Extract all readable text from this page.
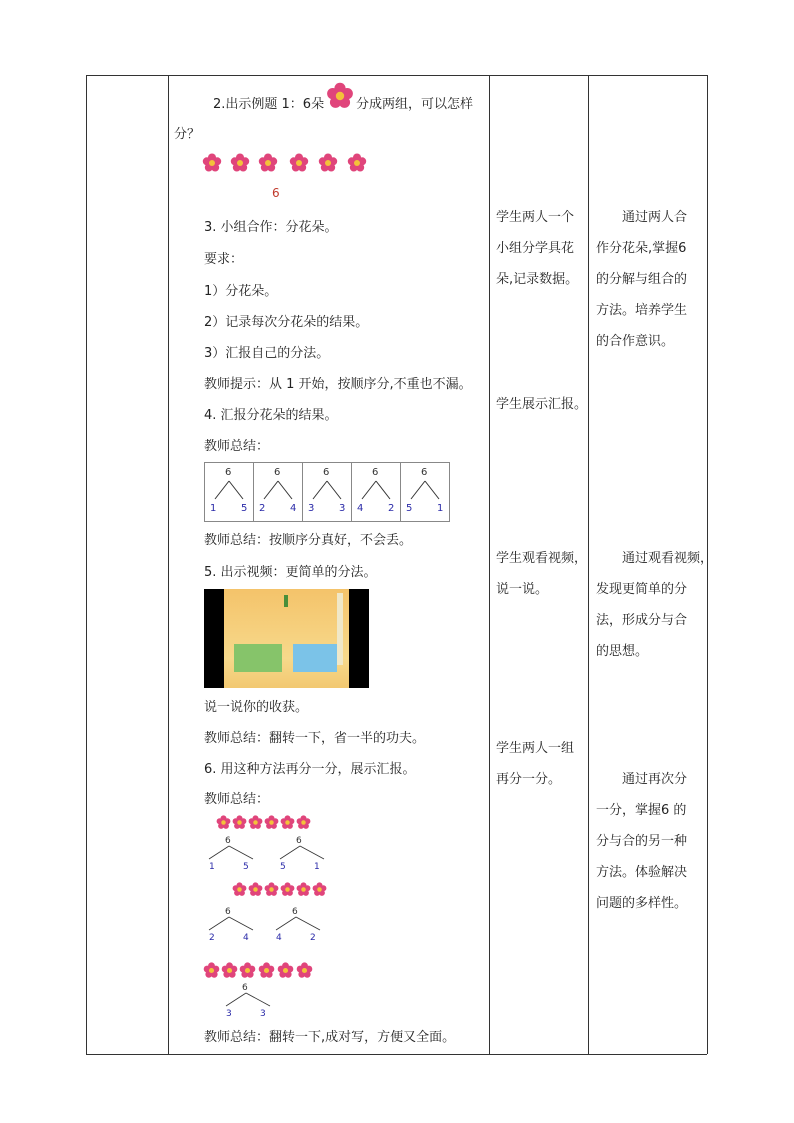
2.出示例题 1：6朵 分成两组，可以怎样
分？
6
3. 小组合作：分花朵。
要求：
1）分花朵。
2）记录每次分花朵的结果。
3）汇报自己的分法。
教师提示：从 1 开始，按顺序分,不重也不漏。
4. 汇报分花朵的结果。
教师总结：
6
1 5
6
2 4
6
3 3
6
4 2
6
5 1
教师总结：按顺序分真好，不会丢。
5. 出示视频：更简单的分法。
说一说你的收获。
教师总结：翻转一下，省一半的功夫。
6. 用这种方法再分一分，展示汇报。
教师总结：
教师总结：翻转一下,成对写，方便又全面。
6
1	5
6
5	1
6
2	4
6
4	2
6
3	3
学生两人一个
小组分学具花
朵,记录数据。
学生展示汇报。
学生观看视频，
说一说。
学生两人一组
再分一分。
通过两人合
作分花朵,掌握6
的分解与组合的
方法。培养学生
的合作意识。
通过观看视频，
发现更简单的分
法，形成分与合
的思想。
通过再次分
一分，掌握6 的
分与合的另一种
方法。体验解决
问题的多样性。
